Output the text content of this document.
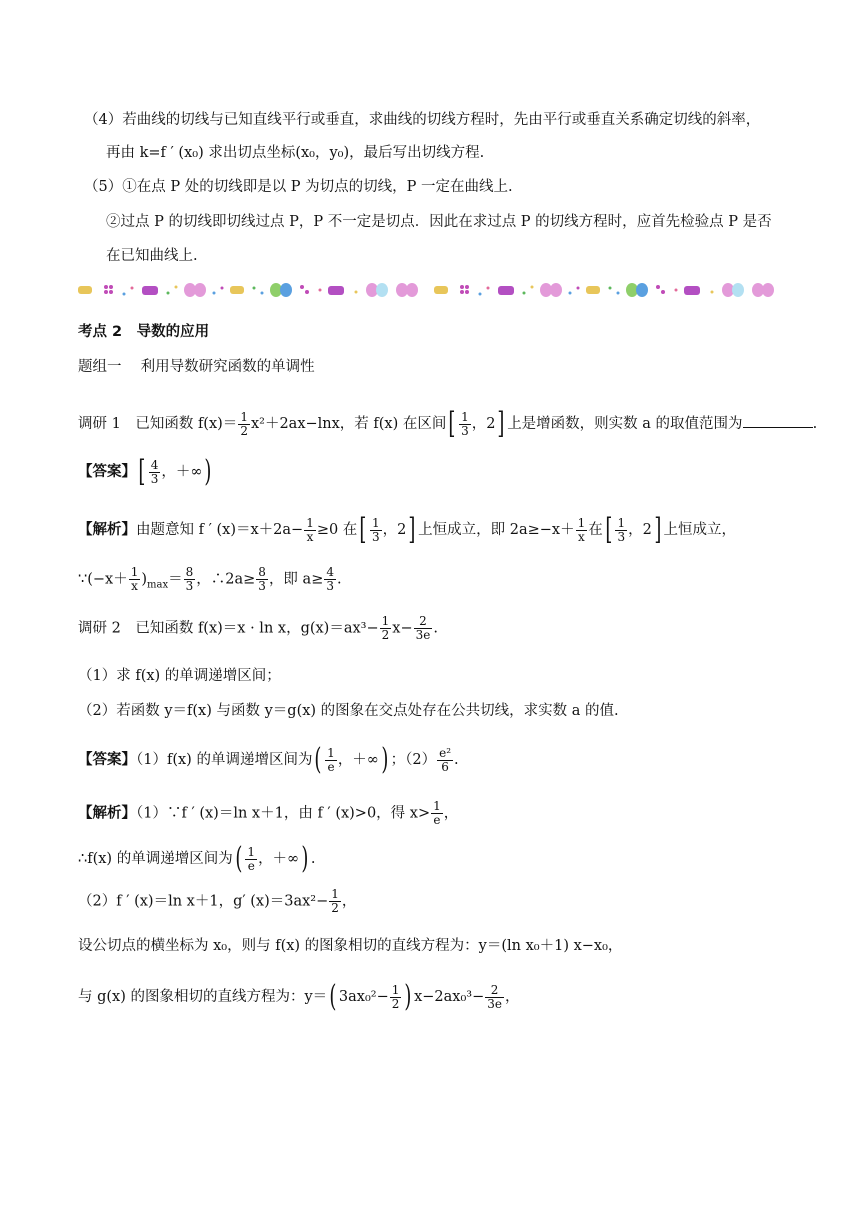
（4）若曲线的切线与已知直线平行或垂直，求曲线的切线方程时，先由平行或垂直关系确定切线的斜率，
再由 k=f ′ (x₀) 求出切点坐标(x₀，y₀)，最后写出切线方程.
（5）①在点 P 处的切线即是以 P 为切点的切线，P 一定在曲线上.
②过点 P 的切线即切线过点 P，P 不一定是切点．因此在求过点 P 的切线方程时，应首先检验点 P 是否
在已知曲线上.
考点 2　导数的应用
题组一　 利用导数研究函数的单调性
调研 1　已知函数 $f(x)= \frac{1}{2} x^2+2ax-\ln x$，若 f(x) 在区间[ $\frac{1}{3}$ ，2] 上是增函数，则实数 a 的取值范围为	.
【答案】[ $\frac{4}{3}$ ，＋∞)
【解析】由题意知 f ′ $(x)=x+2a- \frac{1}{x} \ge 0$ 在[ $\frac{1}{3}$ ，2] 上恒成立，即 $2a\ge-x+ \frac{1}{x}$ 在[ $\frac{1}{3}$ ，2] 上恒成立，
∵(−x＋ $\frac{1}{x} )_{max}= \frac{8}{3}$ ，∴2a≥ $\frac{8}{3}$ ，即 $a\ge \frac{4}{3}$ .
调研 2　已知函数 f(x)＝x · ln x，$g(x)=ax^3- \frac{1}{2} x- \frac{2}{3e}$ .
（1）求 f(x) 的单调递增区间；
（2）若函数 y＝f(x) 与函数 y＝g(x) 的图象在交点处存在公共切线，求实数 a 的值.
【答案】（1）f(x) 的单调递增区间为( $\frac{1}{e}$ ，＋∞) ；$(2) \frac{\text{e²}}{6}$ .
【解析】（1）∵f ′ (x)＝ln x＋1，由 f ′ (x)>0，得 $x> \frac{1}{e}$ ，
∴f(x) 的单调递增区间为( $\frac{1}{e}$ ，＋∞) .
（2）f ′ (x)＝ln x＋1，g′ $(x)=3ax^2- \frac{1}{2}$ ，
设公切点的横坐标为 x₀，则与 f(x) 的图象相切的直线方程为：y＝(ln x₀＋1) x−x₀，
与 g(x) 的图象相切的直线方程为：y＝( $3ax_0^2- \frac{1}{2}$ ) $x-2ax_0^3- \frac{2}{3e}$ ，
